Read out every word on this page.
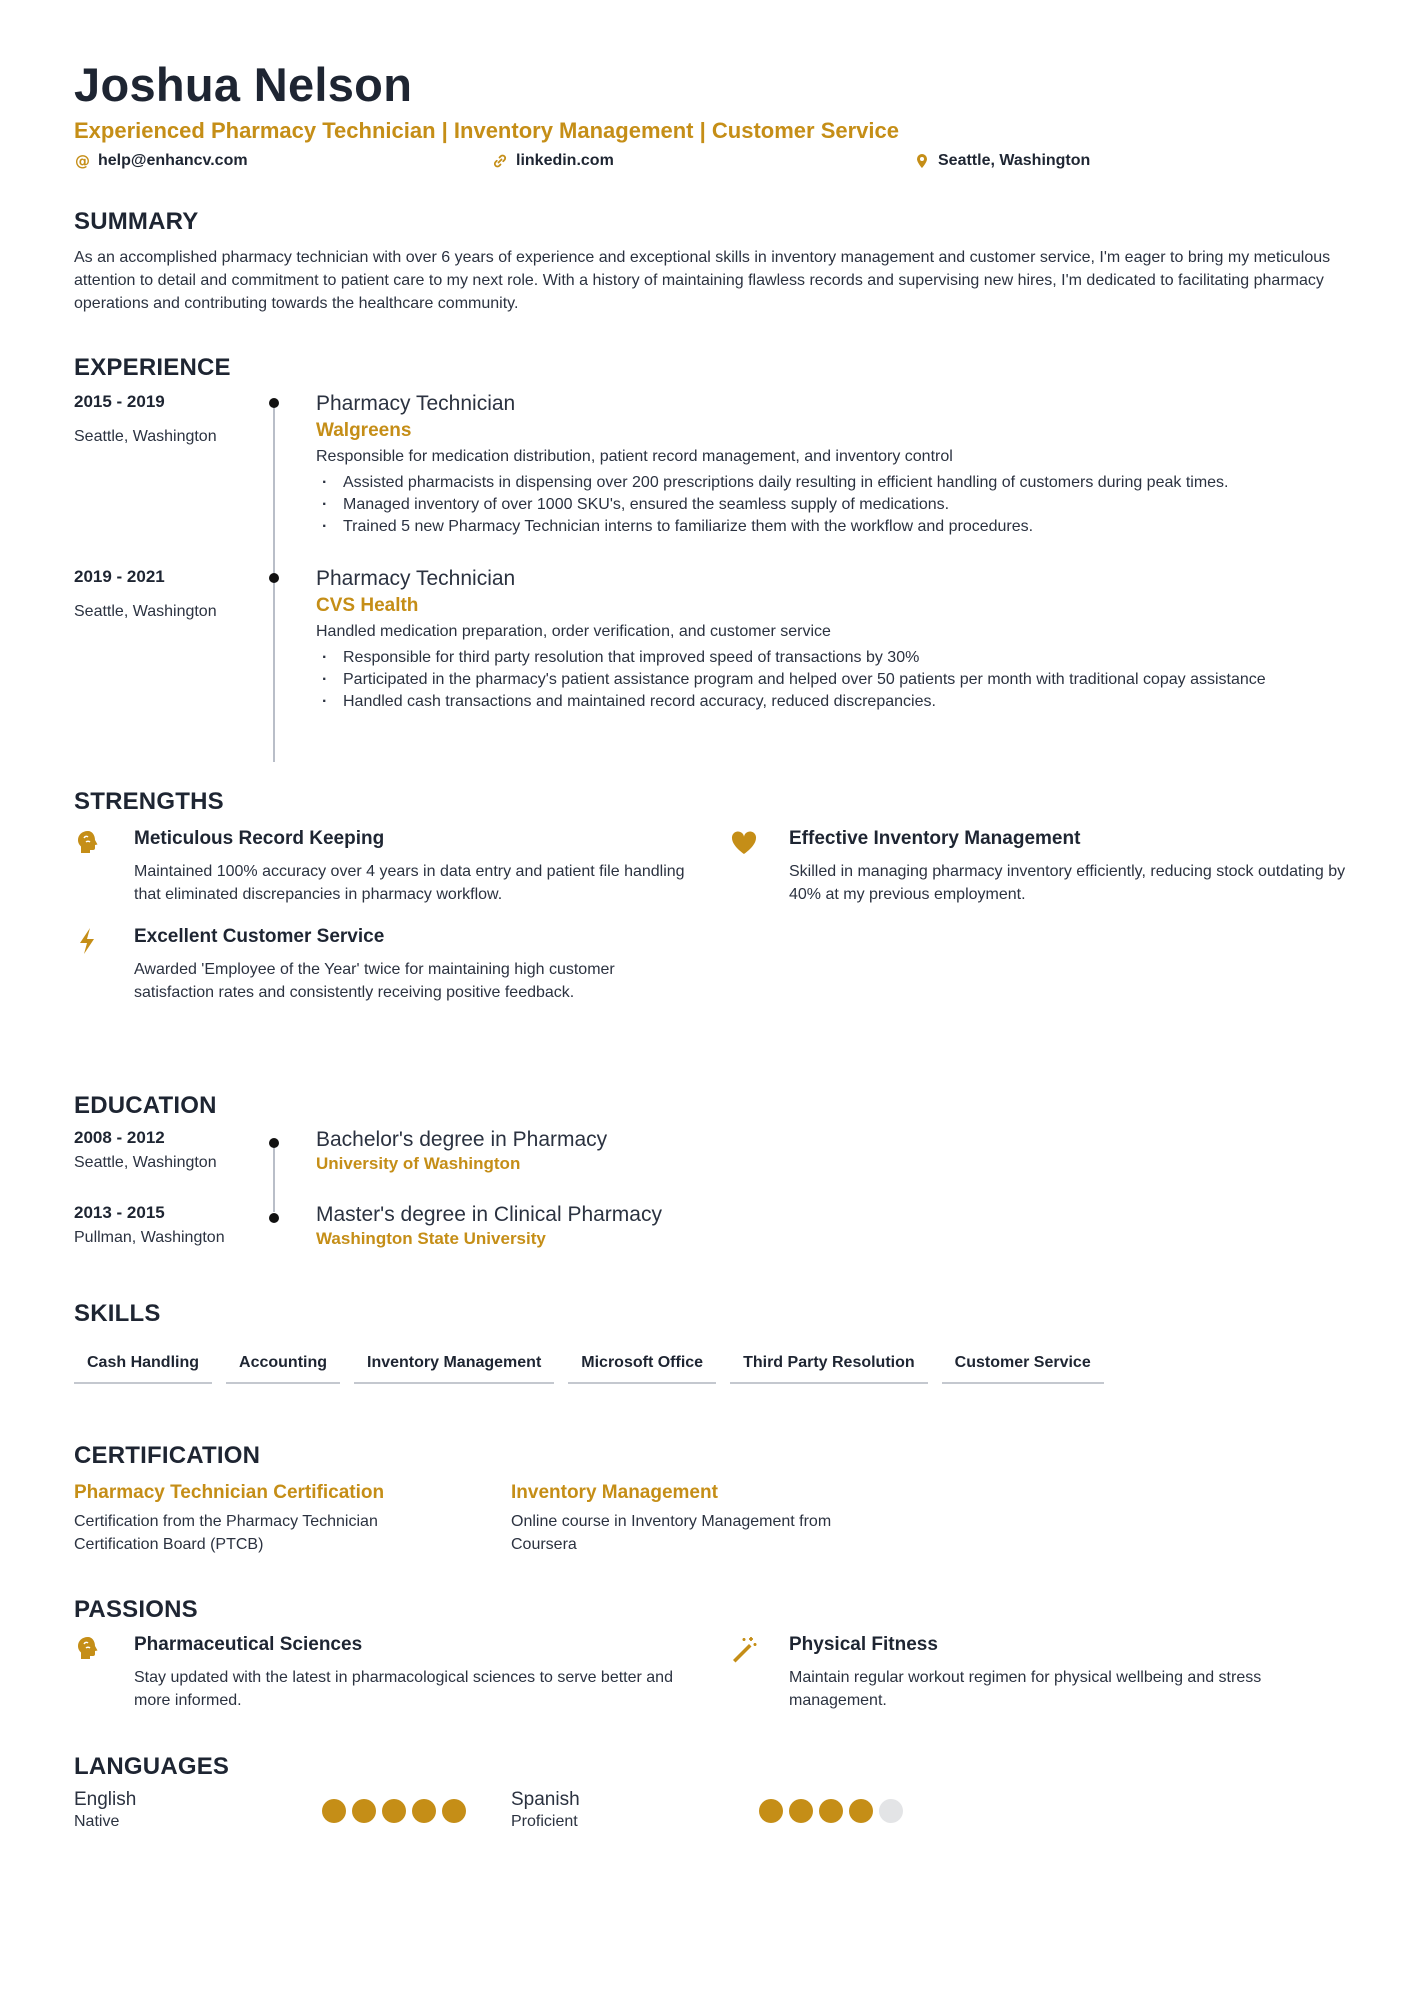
Joshua Nelson
Experienced Pharmacy Technician | Inventory Management | Customer Service
@ help@enhancv.com	linkedin.com	Seattle, Washington
SUMMARY
As an accomplished pharmacy technician with over 6 years of experience and exceptional skills in inventory management and customer service, I'm eager to bring my meticulous attention to detail and commitment to patient care to my next role. With a history of maintaining flawless records and supervising new hires, I'm dedicated to facilitating pharmacy operations and contributing towards the healthcare community.
EXPERIENCE
2015 - 2019
Seattle, Washington
Pharmacy Technician
Walgreens
Responsible for medication distribution, patient record management, and inventory control
· Assisted pharmacists in dispensing over 200 prescriptions daily resulting in efficient handling of customers during peak times.
· Managed inventory of over 1000 SKU's, ensured the seamless supply of medications.
· Trained 5 new Pharmacy Technician interns to familiarize them with the workflow and procedures.
2019 - 2021
Seattle, Washington
Pharmacy Technician
CVS Health
Handled medication preparation, order verification, and customer service
· Responsible for third party resolution that improved speed of transactions by 30%
· Participated in the pharmacy's patient assistance program and helped over 50 patients per month with traditional copay assistance
· Handled cash transactions and maintained record accuracy, reduced discrepancies.
STRENGTHS
Meticulous Record Keeping
Maintained 100% accuracy over 4 years in data entry and patient file handling that eliminated discrepancies in pharmacy workflow.
Effective Inventory Management
Skilled in managing pharmacy inventory efficiently, reducing stock outdating by 40% at my previous employment.
Excellent Customer Service
Awarded 'Employee of the Year' twice for maintaining high customer satisfaction rates and consistently receiving positive feedback.
EDUCATION
2008 - 2012
Seattle, Washington
Bachelor's degree in Pharmacy
University of Washington
2013 - 2015
Pullman, Washington
Master's degree in Clinical Pharmacy
Washington State University
SKILLS
Cash Handling	Accounting	Inventory Management	Microsoft Office	Third Party Resolution	Customer Service
CERTIFICATION
Pharmacy Technician Certification
Certification from the Pharmacy Technician Certification Board (PTCB)
Inventory Management
Online course in Inventory Management from Coursera
PASSIONS
Pharmaceutical Sciences
Stay updated with the latest in pharmacological sciences to serve better and more informed.
Physical Fitness
Maintain regular workout regimen for physical wellbeing and stress management.
LANGUAGES
English
Native
Spanish
Proficient
